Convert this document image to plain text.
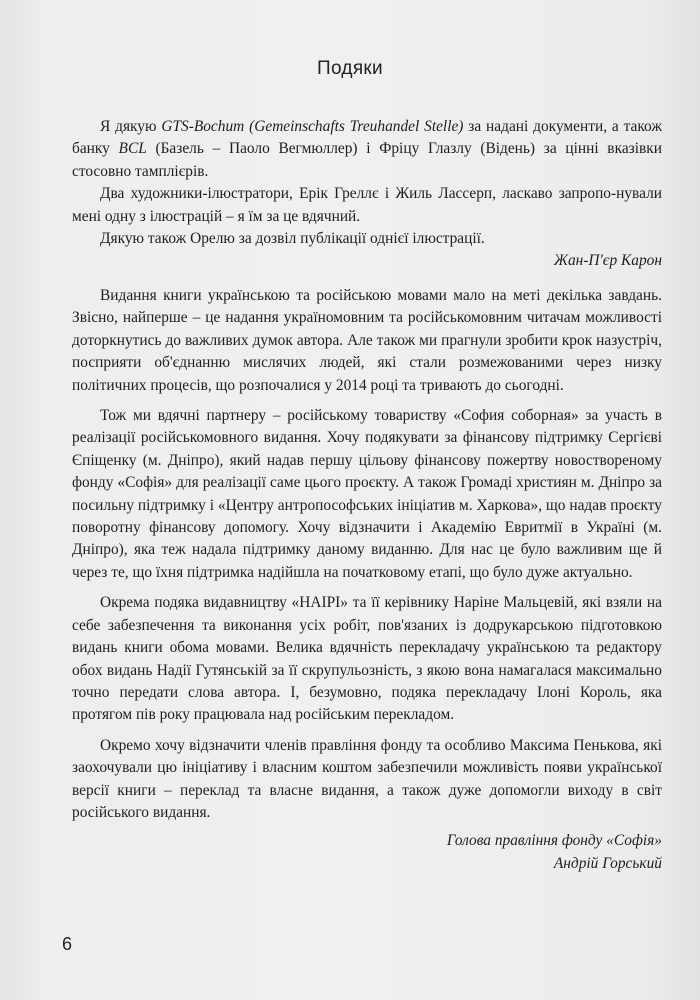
Подяки

Я дякую GTS-Bochum (Gemeinschafts Treuhandel Stelle) за надані документи, а також банку BCL (Базель – Паоло Вегмюллер) і Фріцу Глазлу (Відень) за цінні вказівки стосовно тамплієрів.

Два художники-ілюстратори, Ерік Греллє і Жиль Лассерп, ласкаво запропо-нували мені одну з ілюстрацій – я їм за це вдячний.

Дякую також Орелю за дозвіл публікації однієї ілюстрації.

Жан-П'єр Карон

Видання книги українською та російською мовами мало на меті декілька завдань. Звісно, найперше – це надання україномовним та російськомовним читачам можливості доторкнутись до важливих думок автора. Але також ми прагнули зробити крок назустріч, посприяти об'єднанню мислячих людей, які стали розмежованими через низку політичних процесів, що розпочалися у 2014 році та тривають до сьогодні.

Тож ми вдячні партнеру – російському товариству «София соборная» за участь в реалізації російськомовного видання. Хочу подякувати за фінансову підтримку Сергієві Єпіщенку (м. Дніпро), який надав першу цільову фінансову пожертву новоствореному фонду «Софія» для реалізації саме цього проєкту. А також Громаді християн м. Дніпро за посильну підтримку і «Центру антропософських ініціатив м. Харкова», що надав проєкту поворотну фінансову допомогу. Хочу відзначити і Академію Евритмії в Україні (м. Дніпро), яка теж надала підтримку даному виданню. Для нас це було важливим ще й через те, що їхня підтримка надійшла на початковому етапі, що було дуже актуально.

Окрема подяка видавництву «НАІРІ» та її керівнику Наріне Мальцевій, які взяли на себе забезпечення та виконання усіх робіт, пов'язаних із додрукарською підготовкою видань книги обома мовами. Велика вдячність перекладачу українською та редактору обох видань Надії Гутянській за її скрупульозність, з якою вона намагалася максимально точно передати слова автора. І, безумовно, подяка перекладачу Ілоні Король, яка протягом пів року працювала над російським перекладом.

Окремо хочу відзначити членів правління фонду та особливо Максима Пенькова, які заохочували цю ініціативу і власним коштом забезпечили можливість появи української версії книги – переклад та власне видання, а також дуже допомогли виходу в світ російського видання.

Голова правління фонду «Софія»
Андрій Горський
6
